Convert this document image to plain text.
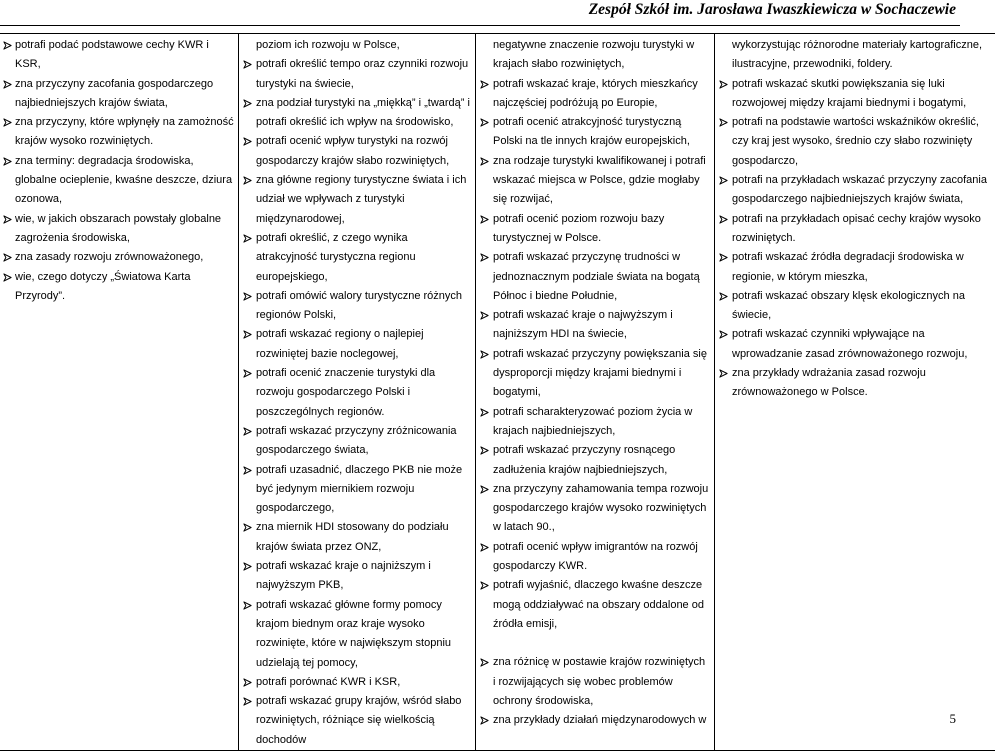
Zespół Szkół im. Jarosława Iwaszkiewicza w Sochaczewie
potrafi podać podstawowe cechy KWR i KSR,
zna przyczyny zacofania gospodarczego najbiedniejszych krajów świata,
zna przyczyny, które wpłynęły na zamożność krajów wysoko rozwiniętych.
zna terminy: degradacja środowiska, globalne ocieplenie, kwaśne deszcze, dziura ozonowa,
wie, w jakich obszarach powstały globalne zagrożenia środowiska,
zna zasady rozwoju zrównoważonego,
wie, czego dotyczy „Światowa Karta Przyrody”.

poziom ich rozwoju w Polsce,
potrafi określić tempo oraz czynniki rozwoju turystyki na świecie,
zna podział turystyki na „miękką” i „twardą” i potrafi określić ich wpływ na środowisko,
potrafi ocenić wpływ turystyki na rozwój gospodarczy krajów słabo rozwiniętych,
zna główne regiony turystyczne świata i ich udział we wpływach z turystyki międzynarodowej,
potrafi określić, z czego wynika atrakcyjność turystyczna regionu europejskiego,
potrafi omówić walory turystyczne różnych regionów Polski,
potrafi wskazać regiony o najlepiej rozwiniętej bazie noclegowej,
potrafi ocenić znaczenie turystyki dla rozwoju gospodarczego Polski i poszczególnych regionów.
potrafi wskazać przyczyny zróżnicowania gospodarczego świata,
potrafi uzasadnić, dlaczego PKB nie może być jedynym miernikiem rozwoju gospodarczego,
zna miernik HDI stosowany do podziału krajów świata przez ONZ,
potrafi wskazać kraje o najniższym i najwyższym PKB,
potrafi wskazać główne formy pomocy krajom biednym oraz kraje wysoko rozwinięte, które w największym stopniu udzielają tej pomocy,
potrafi porównać KWR i KSR,
potrafi wskazać grupy krajów, wśród słabo rozwiniętych, różniące się wielkością dochodów

negatywne znaczenie rozwoju turystyki w krajach słabo rozwiniętych,
potrafi wskazać kraje, których mieszkańcy najczęściej podróżują po Europie,
potrafi ocenić atrakcyjność turystyczną Polski na tle innych krajów europejskich,
zna rodzaje turystyki kwalifikowanej i potrafi wskazać miejsca w Polsce, gdzie mogłaby się rozwijać,
potrafi ocenić poziom rozwoju bazy turystycznej w Polsce.
potrafi wskazać przyczynę trudności w jednoznacznym podziale świata na bogatą Północ i biedne Południe,
potrafi wskazać kraje o najwyższym i najniższym HDI na świecie,
potrafi wskazać przyczyny powiększania się dysproporcji między krajami biednymi i bogatymi,
potrafi scharakteryzować poziom życia w krajach najbiedniejszych,
potrafi wskazać przyczyny rosnącego zadłużenia krajów najbiedniejszych,
zna przyczyny zahamowania tempa rozwoju gospodarczego krajów wysoko rozwiniętych w latach 90.,
potrafi ocenić wpływ imigrantów na rozwój gospodarczy KWR.
potrafi wyjaśnić, dlaczego kwaśne deszcze mogą oddziaływać na obszary oddalone od źródła emisji,
zna różnicę w postawie krajów rozwiniętych i rozwijających się wobec problemów ochrony środowiska,
zna przykłady działań międzynarodowych w

wykorzystując różnorodne materiały kartograficzne, ilustracyjne, przewodniki, foldery.
potrafi wskazać skutki powiększania się luki rozwojowej między krajami biednymi i bogatymi,
potrafi na podstawie wartości wskaźników określić, czy kraj jest wysoko, średnio czy słabo rozwinięty gospodarczo,
potrafi na przykładach wskazać przyczyny zacofania gospodarczego najbiedniejszych krajów świata,
potrafi na przykładach opisać cechy krajów wysoko rozwiniętych.
potrafi wskazać źródła degradacji środowiska w regionie, w którym mieszka,
potrafi wskazać obszary klęsk ekologicznych na świecie,
potrafi wskazać czynniki wpływające na wprowadzanie zasad zrównoważonego rozwoju,
zna przykłady wdrażania zasad rozwoju zrównoważonego w Polsce.
5
